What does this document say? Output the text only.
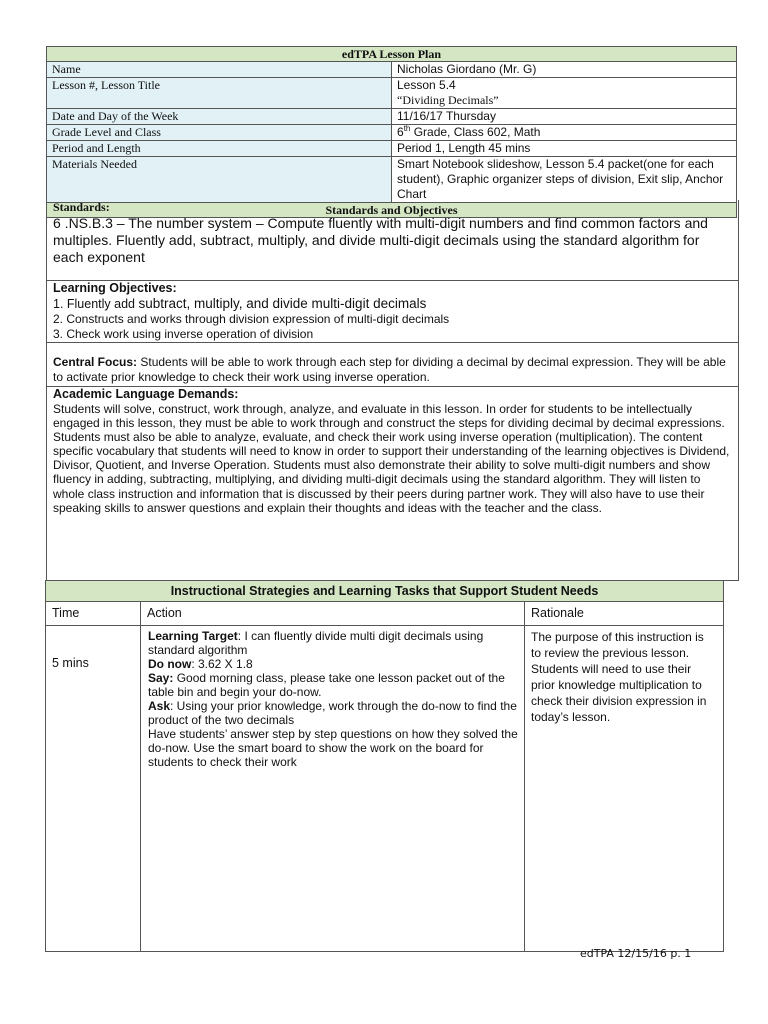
edTPA Lesson Plan	
Name	Nicholas Giordano (Mr. G)
Lesson #, Lesson Title	Lesson 5.4
“Dividing Decimals”

Date and Day of the Week	11/16/17 Thursday
Grade Level and Class	6th Grade, Class 602, Math
Period and Length	Period 1, Length 45 mins
Materials Needed	Smart Notebook slideshow, Lesson 5.4 packet(one for each student), Graphic organizer steps of division, Exit slip, Anchor Chart
Standards and Objectives	
Standards:
6 .NS.B.3 – The number system – Compute fluently with multi-digit numbers and find common factors and multiples. Fluently add, subtract, multiply, and divide multi-digit decimals using the standard algorithm for each exponent
Learning Objectives:
1. Fluently add subtract, multiply, and divide multi-digit decimals
2. Constructs and works through division expression of multi-digit decimals
3. Check work using inverse operation of division
Central Focus: Students will be able to work through each step for dividing a decimal by decimal expression. They will be able to activate prior knowledge to check their work using inverse operation.
Academic Language Demands:
Students will solve, construct, work through, analyze, and evaluate in this lesson. In order for students to be intellectually engaged in this lesson, they must be able to work through and construct the steps for dividing decimal by decimal expressions. Students must also be able to analyze, evaluate, and check their work using inverse operation (multiplication). The content specific vocabulary that students will need to know in order to support their understanding of the learning objectives is Dividend, Divisor, Quotient, and Inverse Operation. Students must also demonstrate their ability to solve multi-digit numbers and show fluency in adding, subtracting, multiplying, and dividing multi-digit decimals using the standard algorithm. They will listen to whole class instruction and information that is discussed by their peers during partner work. They will also have to use their speaking skills to answer questions and explain their thoughts and ideas with the teacher and the class.
Instructional Strategies and Learning Tasks that Support Student Needs		
Time	Action	Rationale
5 mins	Learning Target: I can fluently divide multi digit decimals using standard algorithm
Do now: 3.62 X 1.8
Say: Good morning class, please take one lesson packet out of the table bin and begin your do-now.
Ask: Using your prior knowledge, work through the do-now to find the product of the two decimals
Have students’ answer step by step questions on how they solved the do-now. Use the smart board to show the work on the board for students to check their work	The purpose of this instruction is to review the previous lesson. Students will need to use their prior knowledge multiplication to check their division expression in today’s lesson.
edTPA 12/15/16 p. 1
